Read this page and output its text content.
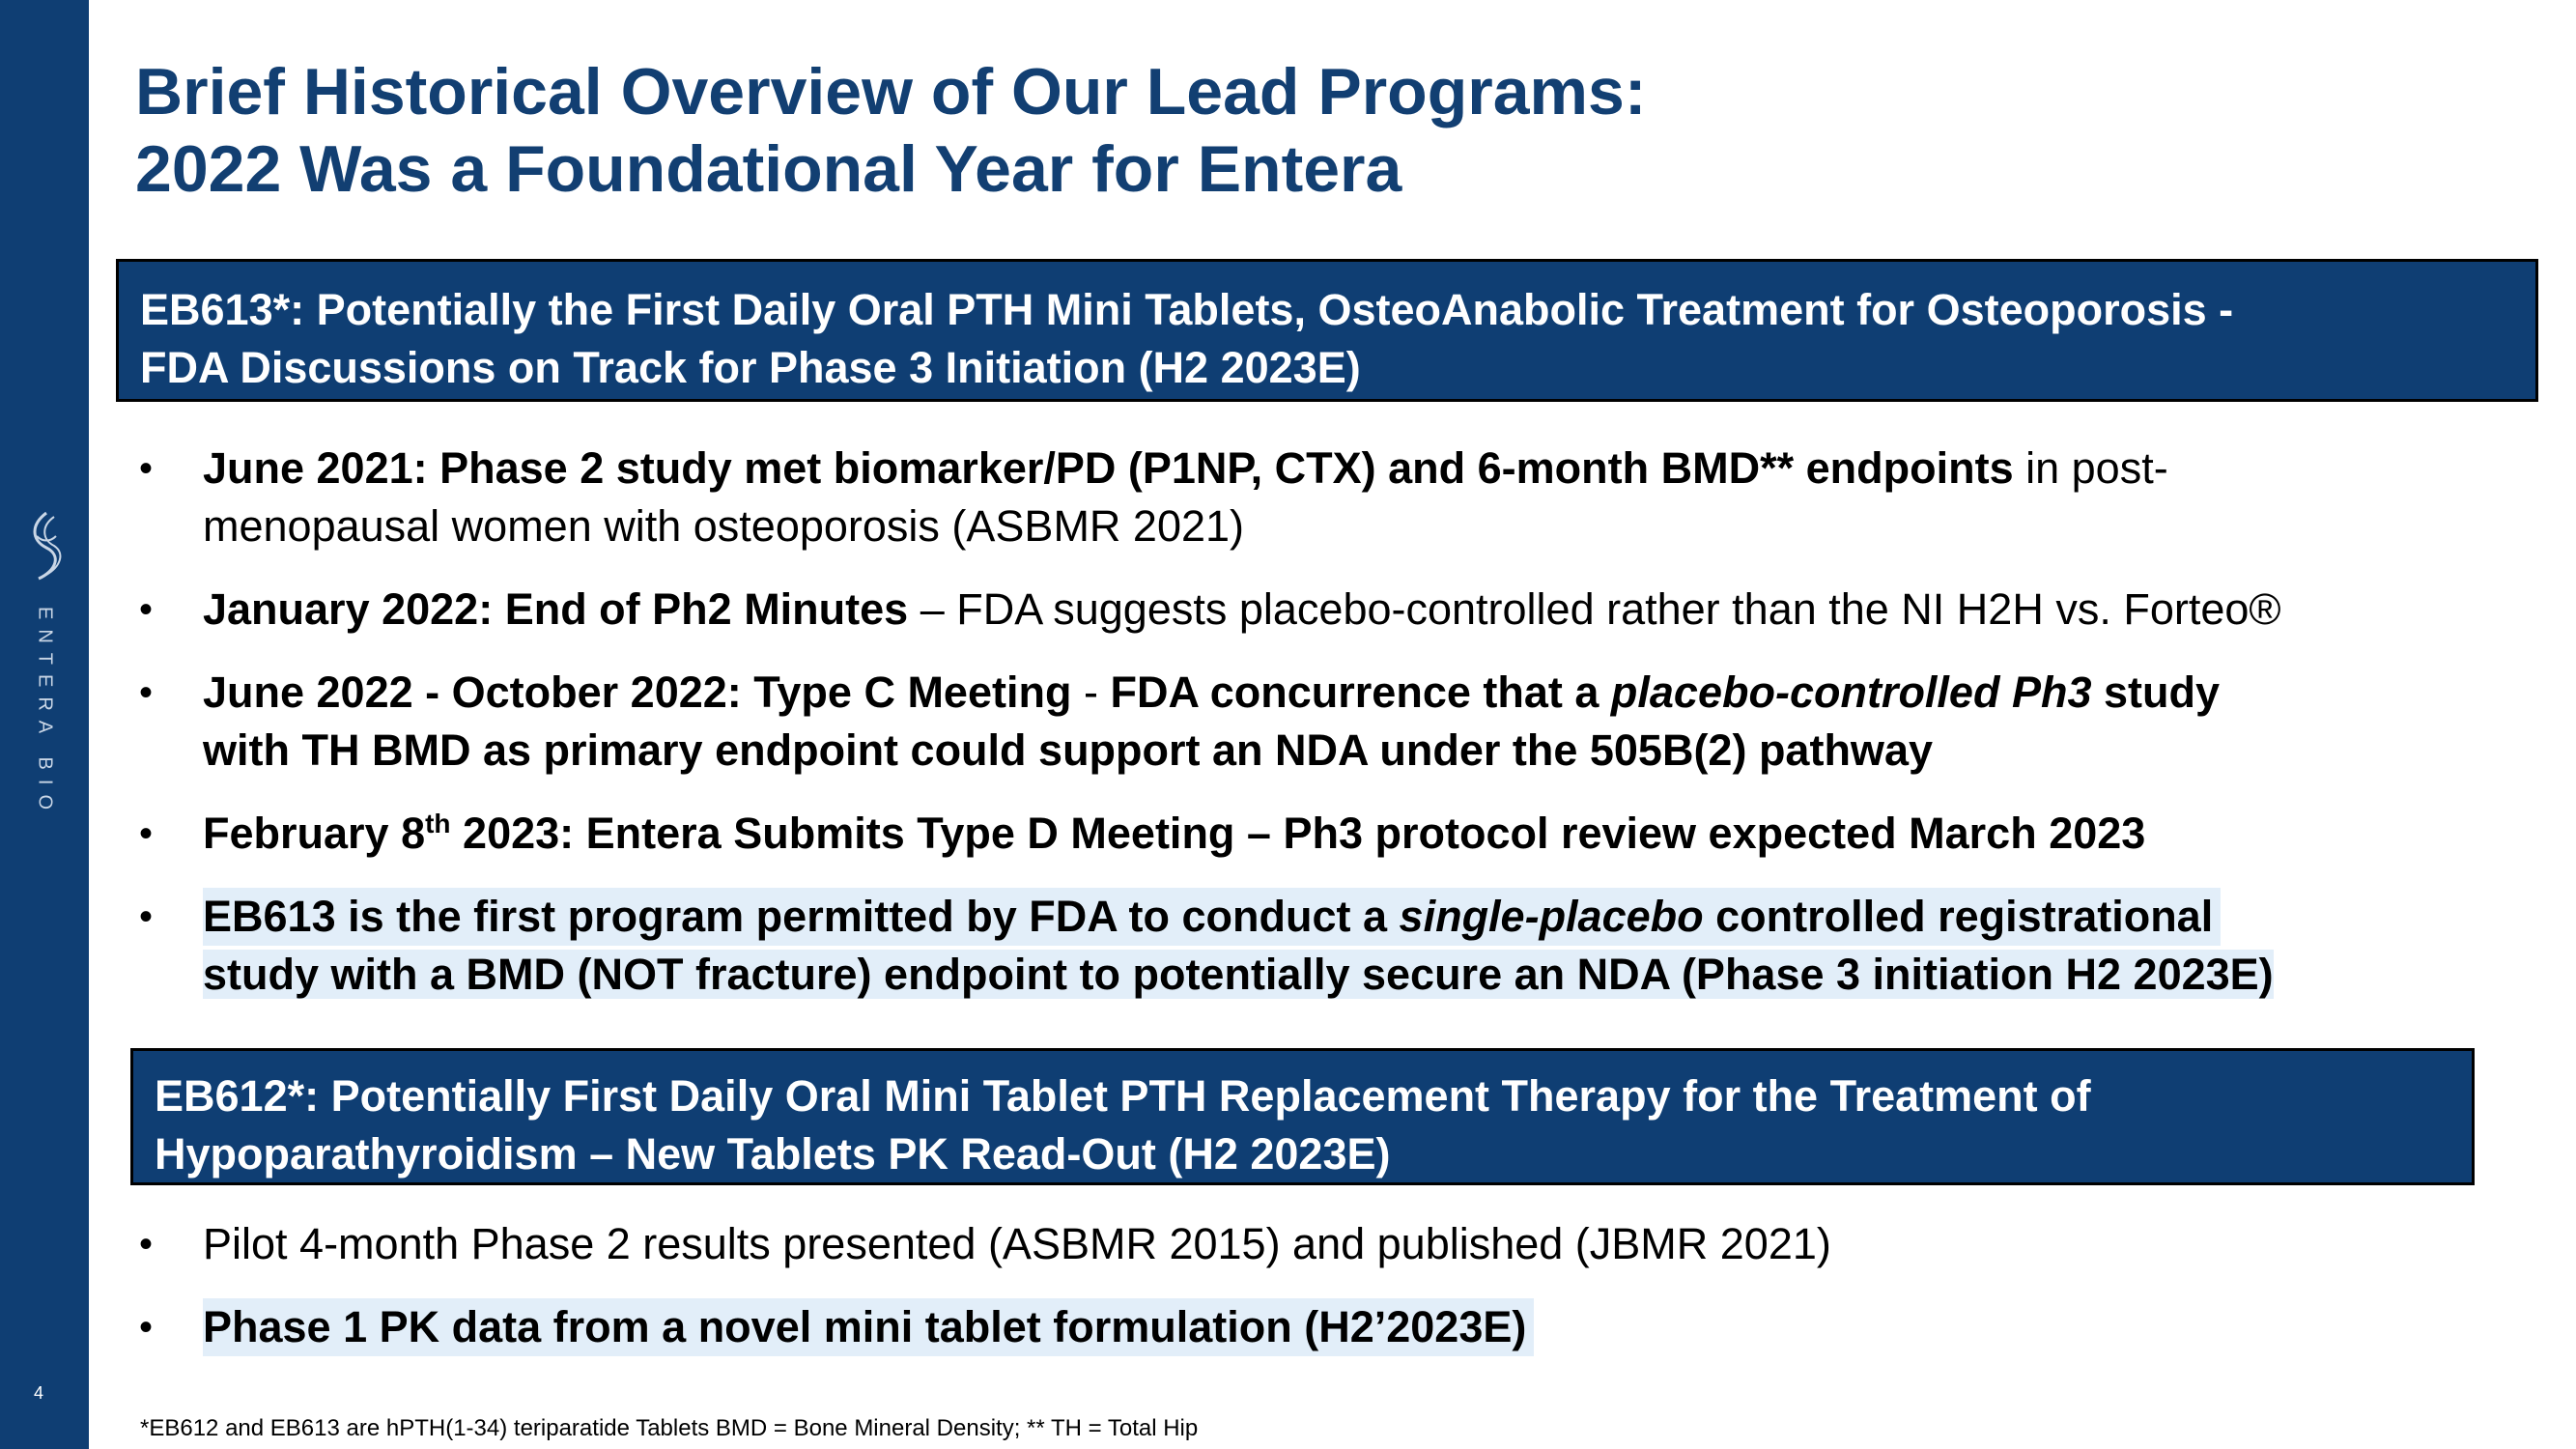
ENTERA BIO
4
Brief Historical Overview of Our Lead Programs:
2022 Was a Foundational Year for Entera
EB613*: Potentially the First Daily Oral PTH Mini Tablets, OsteoAnabolic Treatment for Osteoporosis -
FDA Discussions on Track for Phase 3 Initiation (H2 2023E)
• June 2021: Phase 2 study met biomarker/PD (P1NP, CTX) and 6-month BMD** endpoints in post-
menopausal women with osteoporosis (ASBMR 2021)
• January 2022: End of Ph2 Minutes – FDA suggests placebo-controlled rather than the NI H2H vs. Forteo®
• June 2022 - October 2022: Type C Meeting - FDA concurrence that a placebo-controlled Ph3 study
with TH BMD as primary endpoint could support an NDA under the 505B(2) pathway
• February 8th 2023: Entera Submits Type D Meeting – Ph3 protocol review expected March 2023
• EB613 is the first program permitted by FDA to conduct a single-placebo controlled registrational
study with a BMD (NOT fracture) endpoint to potentially secure an NDA (Phase 3 initiation H2 2023E)
EB612*: Potentially First Daily Oral Mini Tablet PTH Replacement Therapy for the Treatment of
Hypoparathyroidism – New Tablets PK Read-Out (H2 2023E)
• Pilot 4-month Phase 2 results presented (ASBMR 2015) and published (JBMR 2021)
• Phase 1 PK data from a novel mini tablet formulation (H2’2023E)
*EB612 and EB613 are hPTH(1-34) teriparatide Tablets BMD = Bone Mineral Density; ** TH = Total Hip
